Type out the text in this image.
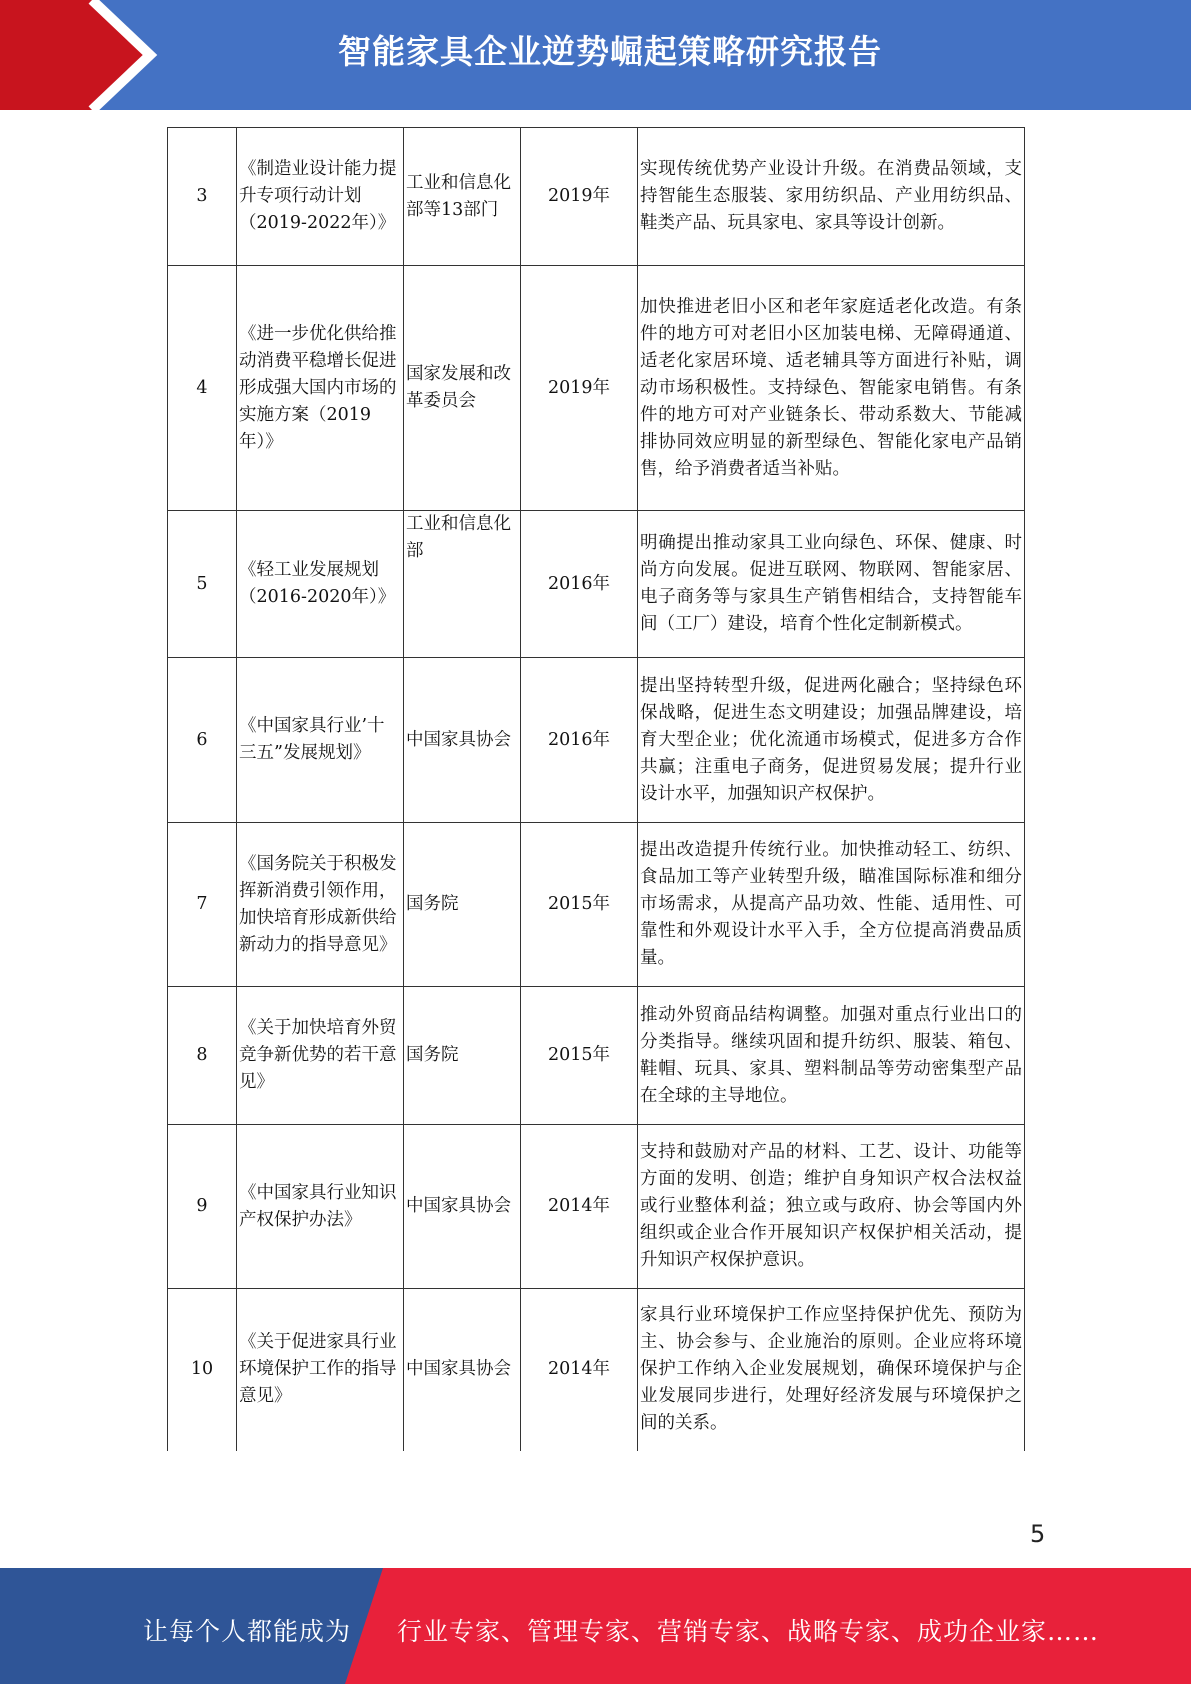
智能家具企业逆势崛起策略研究报告
3	《制造业设计能力提升专项行动计划（2019-2022年）》	工业和信息化部等13部门	2019年	实现传统优势产业设计升级。在消费品领域，支持智能生态服装、家用纺织品、产业用纺织品、鞋类产品、玩具家电、家具等设计创新。
4	《进一步优化供给推动消费平稳增长促进形成强大国内市场的实施方案（2019年）》	国家发展和改革委员会	2019年	加快推进老旧小区和老年家庭适老化改造。有条件的地方可对老旧小区加装电梯、无障碍通道、适老化家居环境、适老辅具等方面进行补贴，调动市场积极性。支持绿色、智能家电销售。有条件的地方可对产业链条长、带动系数大、节能减排协同效应明显的新型绿色、智能化家电产品销售，给予消费者适当补贴。
5	《轻工业发展规划（2016-2020年）》	工业和信息化部	2016年	明确提出推动家具工业向绿色、环保、健康、时尚方向发展。促进互联网、物联网、智能家居、电子商务等与家具生产销售相结合，支持智能车间（工厂）建设，培育个性化定制新模式。
6	《中国家具行业’十三五”发展规划》	中国家具协会	2016年	提出坚持转型升级，促进两化融合；坚持绿色环保战略，促进生态文明建设；加强品牌建设，培育大型企业；优化流通市场模式，促进多方合作共赢；注重电子商务，促进贸易发展；提升行业设计水平，加强知识产权保护。
7	《国务院关于积极发挥新消费引领作用，加快培育形成新供给新动力的指导意见》	国务院	2015年	提出改造提升传统行业。加快推动轻工、纺织、食品加工等产业转型升级，瞄准国际标准和细分市场需求，从提高产品功效、性能、适用性、可靠性和外观设计水平入手，全方位提高消费品质量。
8	《关于加快培育外贸竞争新优势的若干意见》	国务院	2015年	推动外贸商品结构调整。加强对重点行业出口的分类指导。继续巩固和提升纺织、服装、箱包、鞋帽、玩具、家具、塑料制品等劳动密集型产品在全球的主导地位。
9	《中国家具行业知识产权保护办法》	中国家具协会	2014年	支持和鼓励对产品的材料、工艺、设计、功能等方面的发明、创造；维护自身知识产权合法权益或行业整体利益；独立或与政府、协会等国内外组织或企业合作开展知识产权保护相关活动，提升知识产权保护意识。
10	《关于促进家具行业环境保护工作的指导意见》	中国家具协会	2014年	家具行业环境保护工作应坚持保护优先、预防为主、协会参与、企业施治的原则。企业应将环境保护工作纳入企业发展规划，确保环境保护与企业发展同步进行，处理好经济发展与环境保护之间的关系。
5
让每个人都能成为 行业专家、管理专家、营销专家、战略专家、成功企业家……
